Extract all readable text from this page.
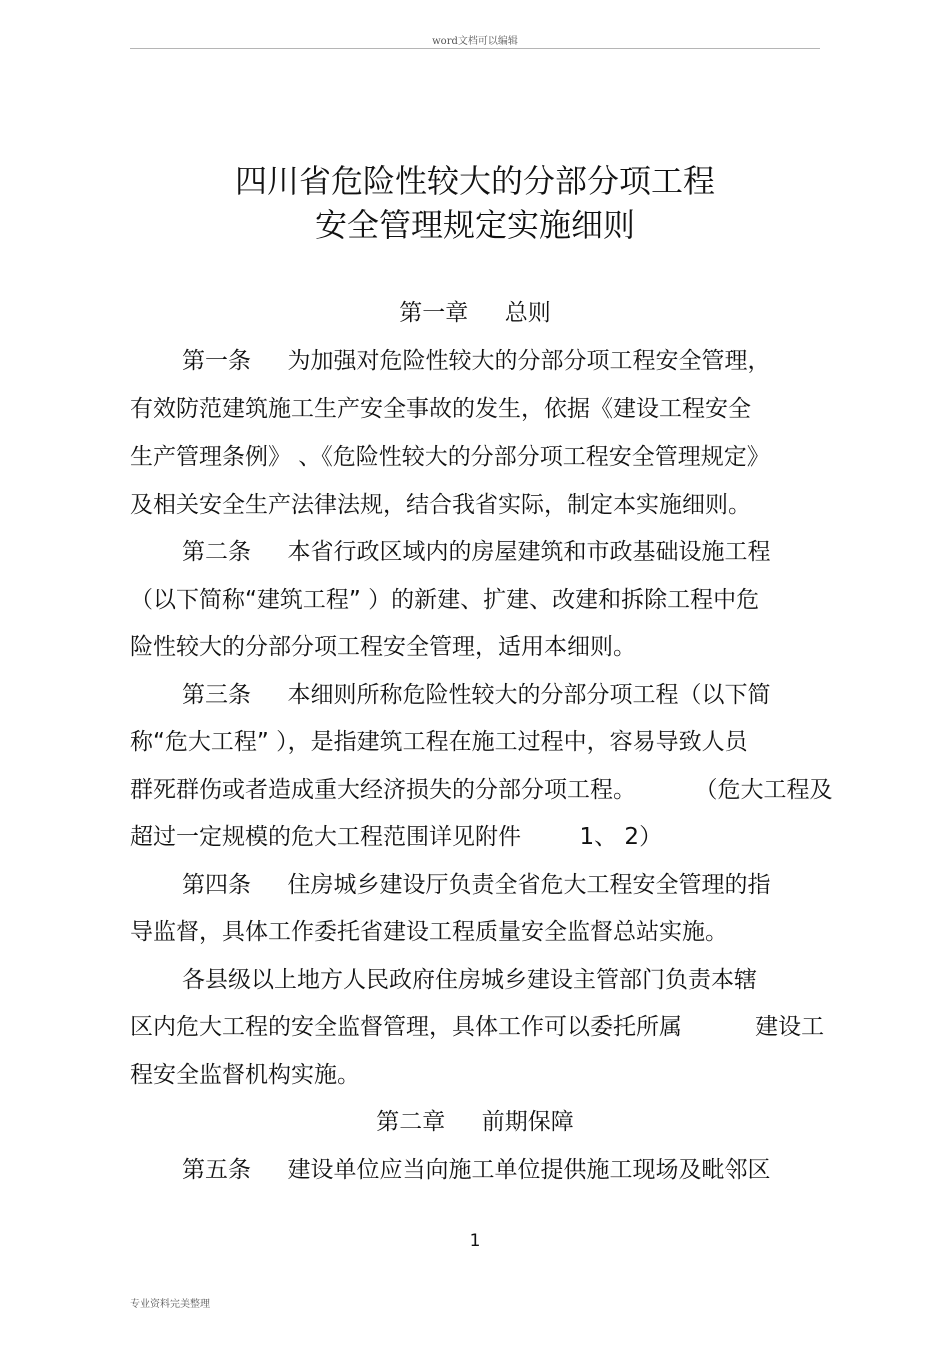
word文档可以编辑
四川省危险性较大的分部分项工程
安全管理规定实施细则
第一章     总则
第一条     为加强对危险性较大的分部分项工程安全管理，
有效防范建筑施工生产安全事故的发生，依据《建设工程安全
生产管理条例》 、《危险性较大的分部分项工程安全管理规定》
及相关安全生产法律法规，结合我省实际，制定本实施细则。
第二条     本省行政区域内的房屋建筑和市政基础设施工程
（以下简称“建筑工程” ）的新建、扩建、改建和拆除工程中危
险性较大的分部分项工程安全管理，适用本细则。
第三条     本细则所称危险性较大的分部分项工程（以下简
称“危大工程” ），是指建筑工程在施工过程中，容易导致人员
群死群伤或者造成重大经济损失的分部分项工程。        （危大工程及
超过一定规模的危大工程范围详见附件        1、 2）
第四条     住房城乡建设厅负责全省危大工程安全管理的指
导监督，具体工作委托省建设工程质量安全监督总站实施。
各县级以上地方人民政府住房城乡建设主管部门负责本辖
区内危大工程的安全监督管理，具体工作可以委托所属          建设工
程安全监督机构实施。
第二章     前期保障
第五条     建设单位应当向施工单位提供施工现场及毗邻区
1
专业资料完美整理
